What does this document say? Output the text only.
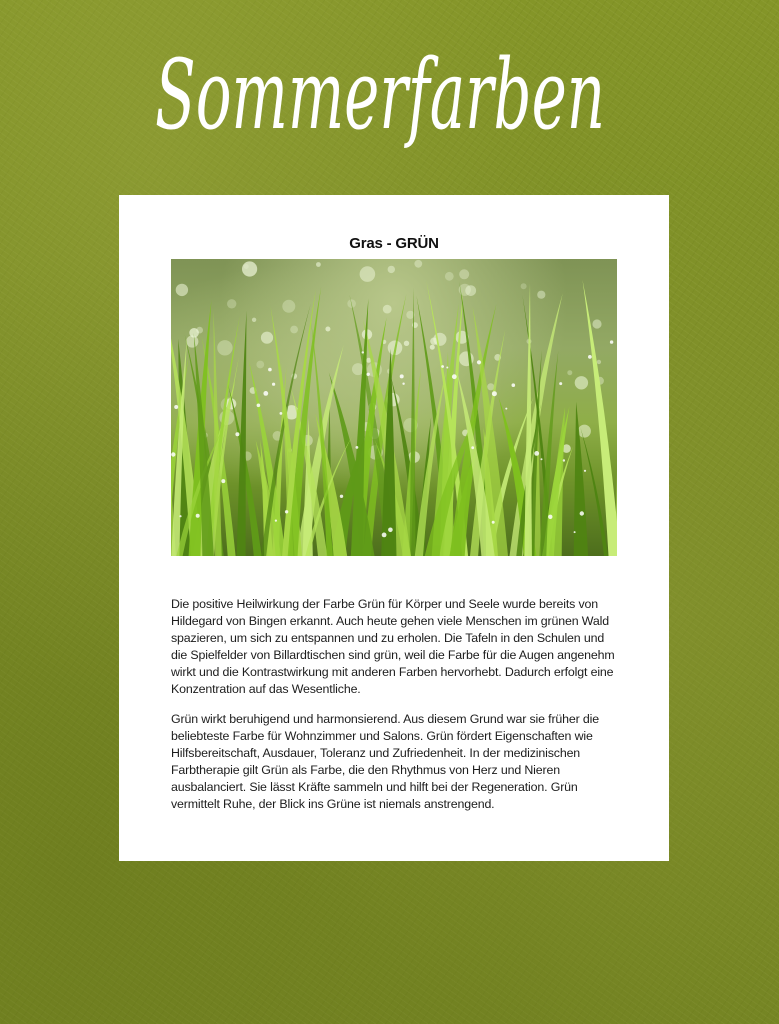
Sommerfarben
Gras - GRÜN

Die positive Heilwirkung der Farbe Grün für Körper und Seele wurde bereits von Hildegard von Bingen erkannt. Auch heute gehen viele Menschen im grünen Wald spazieren, um sich zu entspannen und zu erholen. Die Tafeln in den Schulen und die Spielfelder von Billardtischen sind grün, weil die Farbe für die Augen angenehm wirkt und die Kontrastwirkung mit anderen Farben hervorhebt. Dadurch erfolgt eine Konzentration auf das Wesentliche.

Grün wirkt beruhigend und harmonsierend. Aus diesem Grund war sie früher die beliebteste Farbe für Wohnzimmer und Salons. Grün fördert Eigenschaften wie Hilfsbereitschaft, Ausdauer, Toleranz und Zufriedenheit. In der medizinischen Farbtherapie gilt Grün als Farbe, die den Rhythmus von Herz und Nieren ausbalanciert. Sie lässt Kräfte sammeln und hilft bei der Regeneration. Grün vermittelt Ruhe, der Blick ins Grüne ist niemals anstrengend.
